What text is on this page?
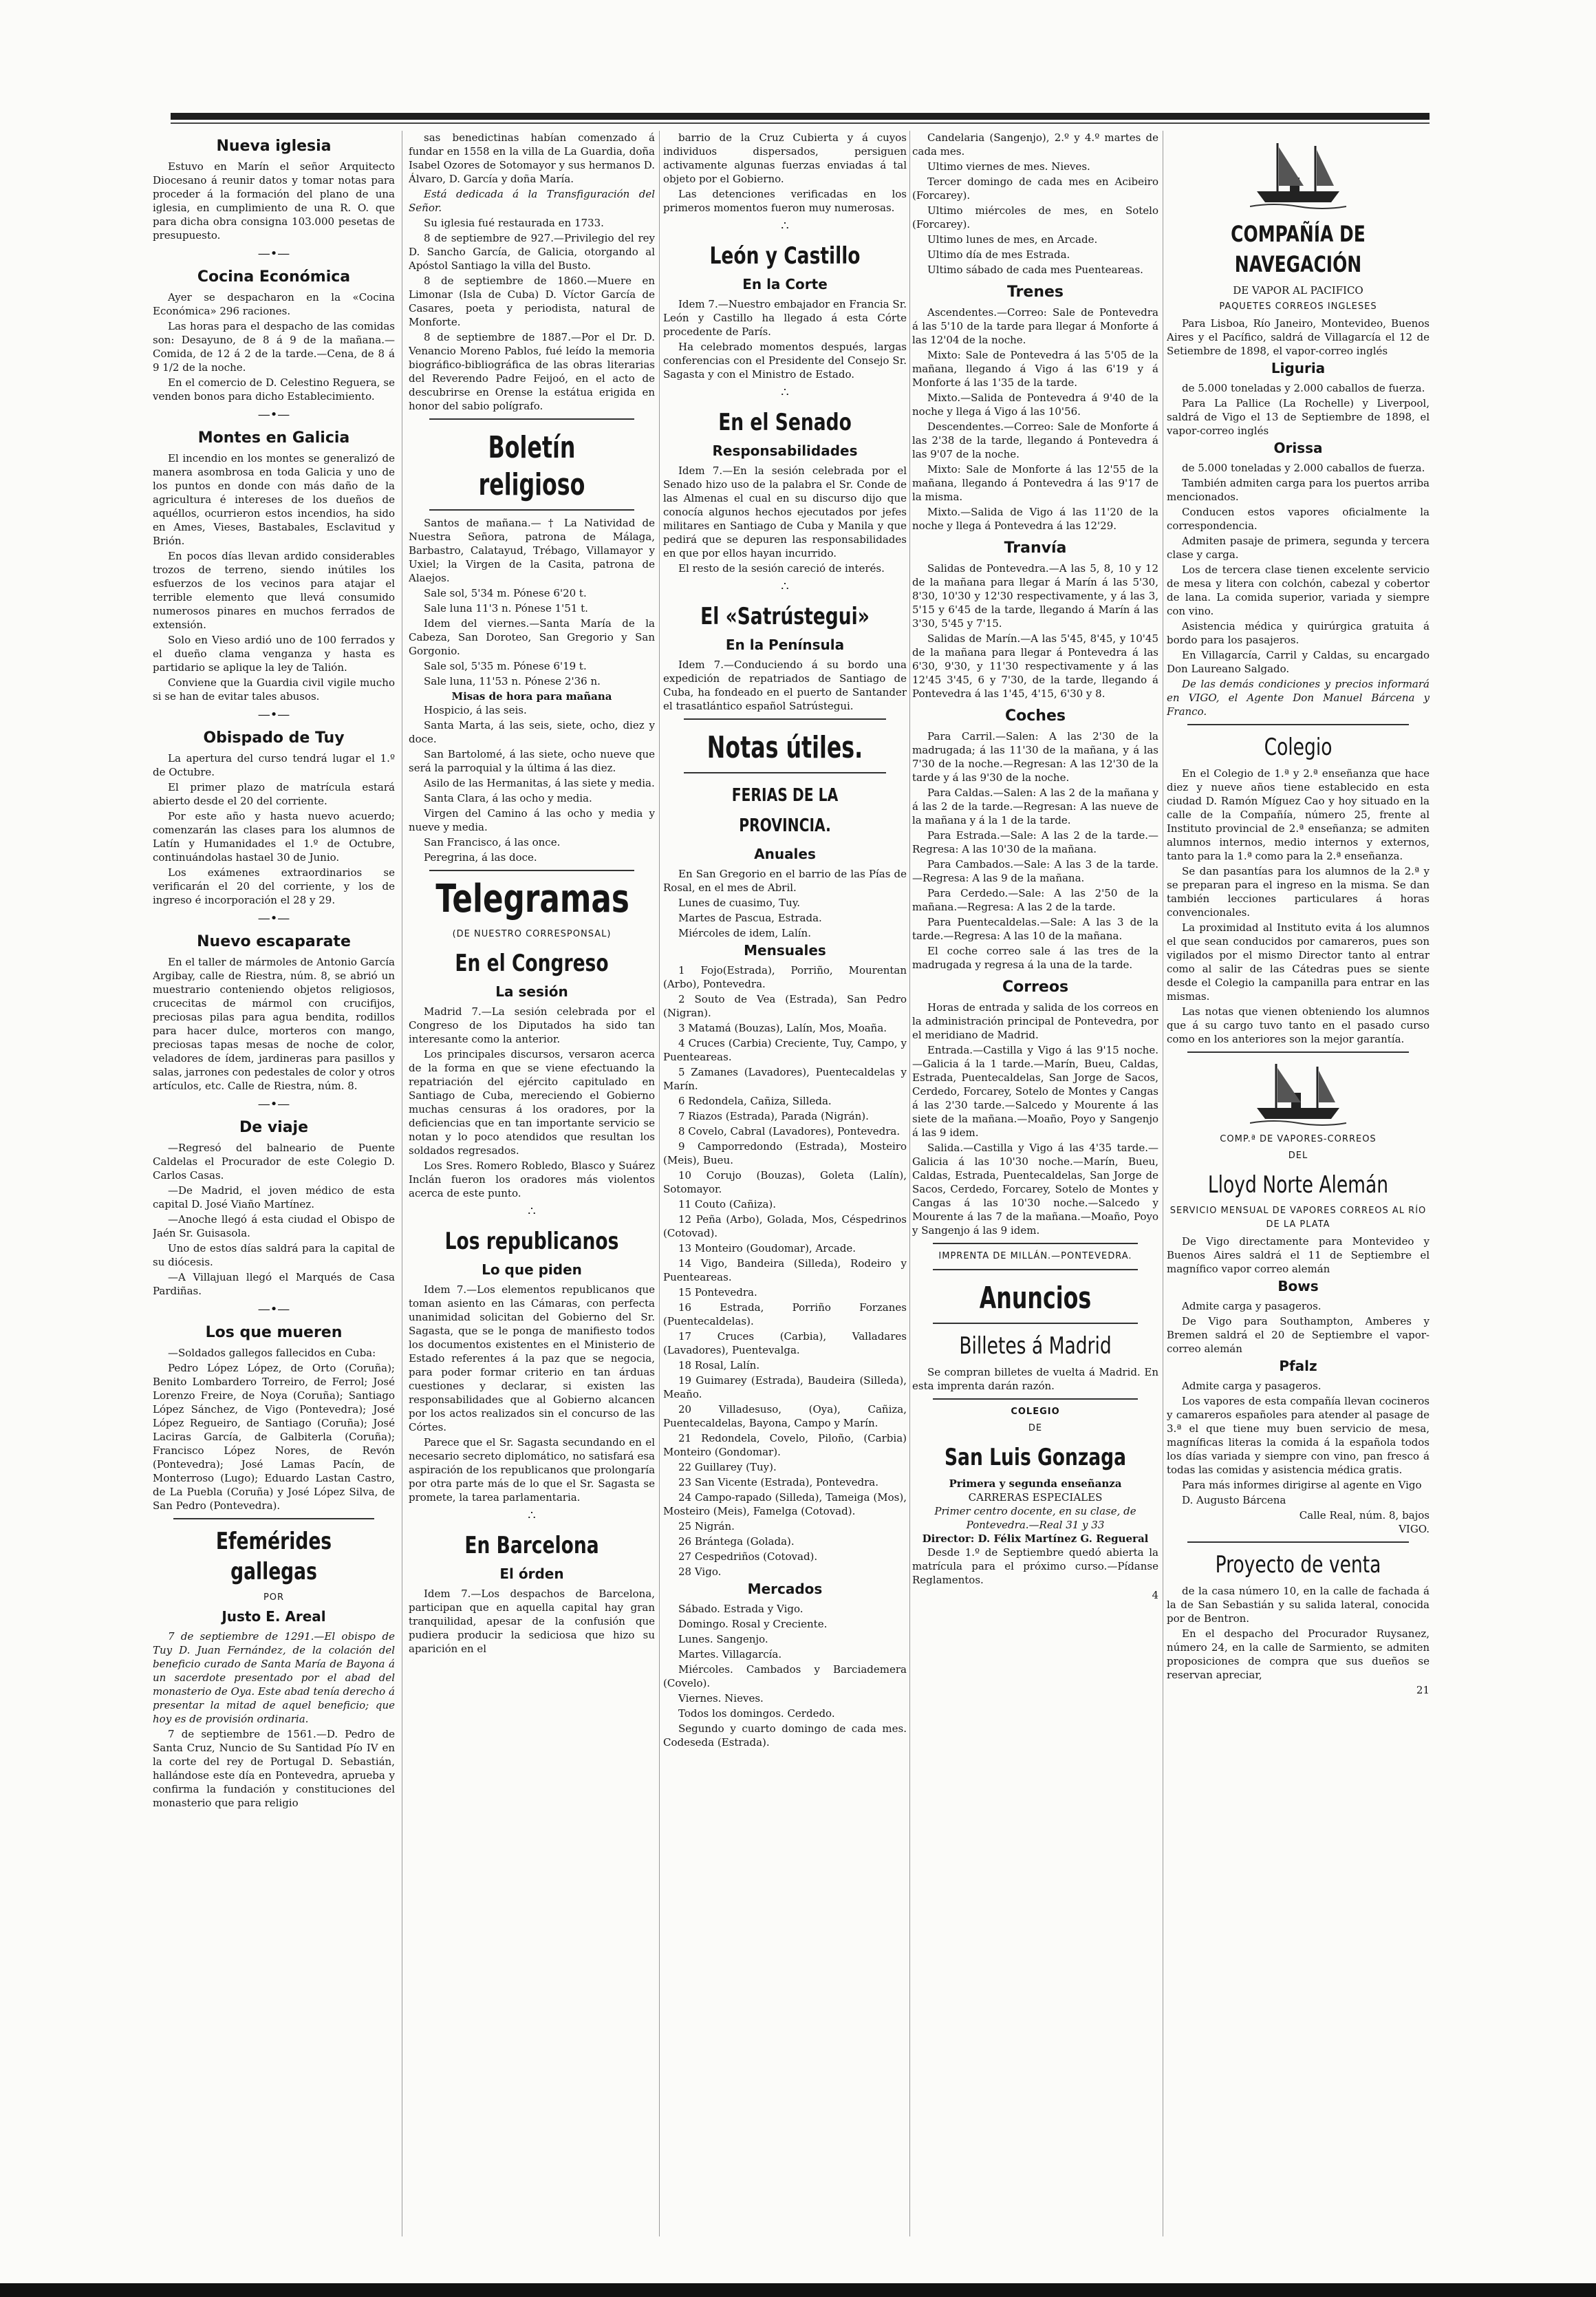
Nueva iglesia

Estuvo en Marín el señor Arquitecto Diocesano á reunir datos y tomar notas para proceder á la formación del plano de una iglesia, en cumplimiento de una R. O. que para dicha obra consigna 103.000 pesetas de presupuesto.

—•—
Cocina Económica

Ayer se despacharon en la «Cocina Económica» 296 raciones.

Las horas para el despacho de las comidas son: Desayuno, de 8 á 9 de la mañana.—Comida, de 12 á 2 de la tarde.—Cena, de 8 á 9 1/2 de la noche.

En el comercio de D. Celestino Reguera, se venden bonos para dicho Establecimiento.

—•—
Montes en Galicia

El incendio en los montes se generalizó de manera asombrosa en toda Galicia y uno de los puntos en donde con más daño de la agricultura é intereses de los dueños de aquéllos, ocurrieron estos incendios, ha sido en Ames, Vieses, Bastabales, Esclavitud y Brión.

En pocos días llevan ardido considerables trozos de terreno, siendo inútiles los esfuerzos de los vecinos para atajar el terrible elemento que llevá consumido numerosos pinares en muchos ferrados de extensión.

Solo en Vieso ardió uno de 100 ferrados y el dueño clama venganza y hasta es partidario se aplique la ley de Talión.

Conviene que la Guardia civil vigile mucho si se han de evitar tales abusos.

—•—
Obispado de Tuy

La apertura del curso tendrá lugar el 1.º de Octubre.

El primer plazo de matrícula estará abierto desde el 20 del corriente.

Por este año y hasta nuevo acuerdo; comenzarán las clases para los alumnos de Latín y Humanidades el 1.º de Octubre, continuándolas hastael 30 de Junio.

Los exámenes extraordinarios se verificarán el 20 del corriente, y los de ingreso é incorporación el 28 y 29.

—•—
Nuevo escaparate

En el taller de mármoles de Antonio García Argibay, calle de Riestra, núm. 8, se abrió un muestrario conteniendo objetos religiosos, crucecitas de mármol con crucifijos, preciosas pilas para agua bendita, rodillos para hacer dulce, morteros con mango, preciosas tapas mesas de noche de color, veladores de ídem, jardineras para pasillos y salas, jarrones con pedestales de color y otros artículos, etc. Calle de Riestra, núm. 8.

—•—
De viaje

—Regresó del balneario de Puente Caldelas el Procurador de este Colegio D. Carlos Casas.

—De Madrid, el joven médico de esta capital D. José Viaño Martínez.

—Anoche llegó á esta ciudad el Obispo de Jaén Sr. Guisasola.

Uno de estos días saldrá para la capital de su diócesis.

—A Villajuan llegó el Marqués de Casa Pardiñas.

—•—
Los que mueren

—Soldados gallegos fallecidos en Cuba:

Pedro López López, de Orto (Coruña); Benito Lombardero Torreiro, de Ferrol; José Lorenzo Freire, de Noya (Coruña); Santiago López Sánchez, de Vigo (Pontevedra); José López Regueiro, de Santiago (Coruña); José Laciras García, de Galbiterla (Coruña); Francisco López Nores, de Revón (Pontevedra); José Lamas Pacín, de Monterroso (Lugo); Eduardo Lastan Castro, de La Puebla (Coruña) y José López Silva, de San Pedro (Pontevedra).

Efemérides gallegas
POR
Justo E. Areal

7 de septiembre de 1291.—El obispo de Tuy D. Juan Fernández, de la colación del beneficio curado de Santa María de Bayona á un sacerdote presentado por el abad del monasterio de Oya. Este abad tenía derecho á presentar la mitad de aquel beneficio; que hoy es de provisión ordinaria.

7 de septiembre de 1561.—D. Pedro de Santa Cruz, Nuncio de Su Santidad Pío IV en la corte del rey de Portugal D. Sebastián, hallándose este día en Pontevedra, aprueba y confirma la fundación y constituciones del monasterio que para religio

sas benedictinas habían comenzado á fundar en 1558 en la villa de La Guardia, doña Isabel Ozores de Sotomayor y sus hermanos D. Álvaro, D. García y doña María.

Está dedicada á la Transfiguración del Señor.

Su iglesia fué restaurada en 1733.

8 de septiembre de 927.—Privilegio del rey D. Sancho García, de Galicia, otorgando al Apóstol Santiago la villa del Busto.

8 de septiembre de 1860.—Muere en Limonar (Isla de Cuba) D. Víctor García de Casares, poeta y periodista, natural de Monforte.

8 de septiembre de 1887.—Por el Dr. D. Venancio Moreno Pablos, fué leído la memoria biográfico-bibliográfica de las obras literarias del Reverendo Padre Feijoó, en el acto de descubrirse en Orense la estátua erigida en honor del sabio polígrafo.

Boletín religioso

Santos de mañana.— † La Natividad de Nuestra Señora, patrona de Málaga, Barbastro, Calatayud, Trébago, Villamayor y Uxiel; la Virgen de la Casita, patrona de Alaejos.

Sale sol, 5'34 m. Pónese 6'20 t.

Sale luna 11'3 n. Pónese 1'51 t.

Idem del viernes.—Santa María de la Cabeza, San Doroteo, San Gregorio y San Gorgonio.

Sale sol, 5'35 m. Pónese 6'19 t.

Sale luna, 11'53 n. Pónese 2'36 n.

Misas de hora para mañana

Hospicio, á las seis.

Santa Marta, á las seis, siete, ocho, diez y doce.

San Bartolomé, á las siete, ocho nueve que será la parroquial y la última á las diez.

Asilo de las Hermanitas, á las siete y media.

Santa Clara, á las ocho y media.

Virgen del Camino á las ocho y media y nueve y media.

San Francisco, á las once.

Peregrina, á las doce.

Telegramas
(DE NUESTRO CORRESPONSAL)
En el Congreso
La sesión

Madrid 7.—La sesión celebrada por el Congreso de los Diputados ha sido tan interesante como la anterior.

Los principales discursos, versaron acerca de la forma en que se viene efectuando la repatriación del ejército capitulado en Santiago de Cuba, mereciendo el Gobierno muchas censuras á los oradores, por la deficiencias que en tan importante servicio se notan y lo poco atendidos que resultan los soldados regresados.

Los Sres. Romero Robledo, Blasco y Suárez Inclán fueron los oradores más violentos acerca de este punto.

∴
Los republicanos
Lo que piden

Idem 7.—Los elementos republicanos que toman asiento en las Cámaras, con perfecta unanimidad solicitan del Gobierno del Sr. Sagasta, que se le ponga de manifiesto todos los documentos existentes en el Ministerio de Estado referentes á la paz que se negocia, para poder formar criterio en tan árduas cuestiones y declarar, si existen las responsabilidades que al Gobierno alcancen por los actos realizados sin el concurso de las Córtes.

Parece que el Sr. Sagasta secundando en el necesario secreto diplomático, no satisfará esa aspiración de los republicanos que prolongaría por otra parte más de lo que el Sr. Sagasta se promete, la tarea parlamentaria.

∴
En Barcelona
El órden

Idem 7.—Los despachos de Barcelona, participan que en aquella capital hay gran tranquilidad, apesar de la confusión que pudiera producir la sediciosa que hizo su aparición en el

barrio de la Cruz Cubierta y á cuyos individuos dispersados, persiguen activamente algunas fuerzas enviadas á tal objeto por el Gobierno.

Las detenciones verificadas en los primeros momentos fueron muy numerosas.

∴
León y Castillo
En la Corte

Idem 7.—Nuestro embajador en Francia Sr. León y Castillo ha llegado á esta Córte procedente de París.

Ha celebrado momentos después, largas conferencias con el Presidente del Consejo Sr. Sagasta y con el Ministro de Estado.

∴
En el Senado
Responsabilidades

Idem 7.—En la sesión celebrada por el Senado hizo uso de la palabra el Sr. Conde de las Almenas el cual en su discurso dijo que conocía algunos hechos ejecutados por jefes militares en Santiago de Cuba y Manila y que pedirá que se depuren las responsabilidades en que por ellos hayan incurrido.

El resto de la sesión careció de interés.

∴
El «Satrústegui»
En la Península

Idem 7.—Conduciendo á su bordo una expedición de repatriados de Santiago de Cuba, ha fondeado en el puerto de Santander el trasatlántico español Satrústegui.

Notas útiles.
FERIAS DE LA PROVINCIA.
Anuales

En San Gregorio en el barrio de las Pías de Rosal, en el mes de Abril.

Lunes de cuasimo, Tuy.

Martes de Pascua, Estrada.

Miércoles de idem, Lalín.

Mensuales

1 Fojo(Estrada), Porriño, Mourentan (Arbo), Pontevedra.

2 Souto de Vea (Estrada), San Pedro (Nigran).

3 Matamá (Bouzas), Lalín, Mos, Moaña.

4 Cruces (Carbia) Creciente, Tuy, Campo, y Puenteareas.

5 Zamanes (Lavadores), Puentecaldelas y Marín.

6 Redondela, Cañiza, Silleda.

7 Riazos (Estrada), Parada (Nigrán).

8 Covelo, Cabral (Lavadores), Pontevedra.

9 Camporredondo (Estrada), Mosteiro (Meis), Bueu.

10 Corujo (Bouzas), Goleta (Lalín), Sotomayor.

11 Couto (Cañiza).

12 Peña (Arbo), Golada, Mos, Céspedrinos (Cotovad).

13 Monteiro (Goudomar), Arcade.

14 Vigo, Bandeira (Silleda), Rodeiro y Puenteareas.

15 Pontevedra.

16 Estrada, Porriño Forzanes (Puentecaldelas).

17 Cruces (Carbia), Valladares (Lavadores), Puentevalga.

18 Rosal, Lalín.

19 Guimarey (Estrada), Baudeira (Silleda), Meaño.

20 Villadesuso, (Oya), Cañiza, Puentecaldelas, Bayona, Campo y Marín.

21 Redondela, Covelo, Piloño, (Carbia) Monteiro (Gondomar).

22 Guillarey (Tuy).

23 San Vicente (Estrada), Pontevedra.

24 Campo-rapado (Silleda), Tameiga (Mos), Mosteiro (Meis), Famelga (Cotovad).

25 Nigrán.

26 Brántega (Golada).

27 Cespedriños (Cotovad).

28 Vigo.

Mercados

Sábado. Estrada y Vigo.

Domingo. Rosal y Creciente.

Lunes. Sangenjo.

Martes. Villagarcía.

Miércoles. Cambados y Barciademera (Covelo).

Viernes. Nieves.

Todos los domingos. Cerdedo.

Segundo y cuarto domingo de cada mes. Codeseda (Estrada).

Candelaria (Sangenjo), 2.º y 4.º martes de cada mes.

Ultimo viernes de mes. Nieves.

Tercer domingo de cada mes en Acibeiro (Forcarey).

Ultimo miércoles de mes, en Sotelo (Forcarey).

Ultimo lunes de mes, en Arcade.

Ultimo día de mes Estrada.

Ultimo sábado de cada mes Puenteareas.

Trenes

Ascendentes.—Correo: Sale de Pontevedra á las 5'10 de la tarde para llegar á Monforte á las 12'04 de la noche.

Mixto: Sale de Pontevedra á las 5'05 de la mañana, llegando á Vigo á las 6'19 y á Monforte á las 1'35 de la tarde.

Mixto.—Salida de Pontevedra á 9'40 de la noche y llega á Vigo á las 10'56.

Descendentes.—Correo: Sale de Monforte á las 2'38 de la tarde, llegando á Pontevedra á las 9'07 de la noche.

Mixto: Sale de Monforte á las 12'55 de la mañana, llegando á Pontevedra á las 9'17 de la misma.

Mixto.—Salida de Vigo á las 11'20 de la noche y llega á Pontevedra á las 12'29.

Tranvía

Salidas de Pontevedra.—A las 5, 8, 10 y 12 de la mañana para llegar á Marín á las 5'30, 8'30, 10'30 y 12'30 respectivamente, y á las 3, 5'15 y 6'45 de la tarde, llegando á Marín á las 3'30, 5'45 y 7'15.

Salidas de Marín.—A las 5'45, 8'45, y 10'45 de la mañana para llegar á Pontevedra á las 6'30, 9'30, y 11'30 respectivamente y á las 12'45 3'45, 6 y 7'30, de la tarde, llegando á Pontevedra á las 1'45, 4'15, 6'30 y 8.

Coches

Para Carril.—Salen: A las 2'30 de la madrugada; á las 11'30 de la mañana, y á las 7'30 de la noche.—Regresan: A las 12'30 de la tarde y á las 9'30 de la noche.

Para Caldas.—Salen: A las 2 de la mañana y á las 2 de la tarde.—Regresan: A las nueve de la mañana y á la 1 de la tarde.

Para Estrada.—Sale: A las 2 de la tarde.—Regresa: A las 10'30 de la mañana.

Para Cambados.—Sale: A las 3 de la tarde.—Regresa: A las 9 de la mañana.

Para Cerdedo.—Sale: A las 2'50 de la mañana.—Regresa: A las 2 de la tarde.

Para Puentecaldelas.—Sale: A las 3 de la tarde.—Regresa: A las 10 de la mañana.

El coche correo sale á las tres de la madrugada y regresa á la una de la tarde.

Correos

Horas de entrada y salida de los correos en la administración principal de Pontevedra, por el meridiano de Madrid.

Entrada.—Castilla y Vigo á las 9'15 noche.—Galicia á la 1 tarde.—Marín, Bueu, Caldas, Estrada, Puentecaldelas, San Jorge de Sacos, Cerdedo, Forcarey, Sotelo de Montes y Cangas á las 2'30 tarde.—Salcedo y Mourente á las siete de la mañana.—Moaño, Poyo y Sangenjo á las 9 idem.

Salida.—Castilla y Vigo á las 4'35 tarde.—Galicia á las 10'30 noche.—Marín, Bueu, Caldas, Estrada, Puentecaldelas, San Jorge de Sacos, Cerdedo, Forcarey, Sotelo de Montes y Cangas á las 10'30 noche.—Salcedo y Mourente á las 7 de la mañana.—Moaño, Poyo y Sangenjo á las 9 idem.

IMPRENTA DE MILLÁN.—PONTEVEDRA.
Anuncios
Billetes á Madrid

Se compran billetes de vuelta á Madrid. En esta imprenta darán razón.

COLEGIO
DE
San Luis Gonzaga
Primera y segunda enseñanza
CARRERAS ESPECIALES
Primer centro docente, en su clase, de Pontevedra.—Real 31 y 33
Director: D. Félix Martínez G. Regueral

Desde 1.º de Septiembre quedó abierta la matrícula para el próximo curso.—Pídanse Reglamentos.

4
COMPAÑÍA DE NAVEGACIÓN
DE VAPOR AL PACIFICO
PAQUETES CORREOS INGLESES

Para Lisboa, Río Janeiro, Montevideo, Buenos Aires y el Pacífico, saldrá de Villagarcía el 12 de Setiembre de 1898, el vapor-correo inglés

Liguria

de 5.000 toneladas y 2.000 caballos de fuerza.

Para La Pallice (La Rochelle) y Liverpool, saldrá de Vigo el 13 de Septiembre de 1898, el vapor-correo inglés

Orissa

de 5.000 toneladas y 2.000 caballos de fuerza.

También admiten carga para los puertos arriba mencionados.

Conducen estos vapores oficialmente la correspondencia.

Admiten pasaje de primera, segunda y tercera clase y carga.

Los de tercera clase tienen excelente servicio de mesa y litera con colchón, cabezal y cobertor de lana. La comida superior, variada y siempre con vino.

Asistencia médica y quirúrgica gratuita á bordo para los pasajeros.

En Villagarcía, Carril y Caldas, su encargado Don Laureano Salgado.

De las demás condiciones y precios informará en VIGO, el Agente Don Manuel Bárcena y Franco.

Colegio

En el Colegio de 1.ª y 2.ª enseñanza que hace diez y nueve años tiene establecido en esta ciudad D. Ramón Míguez Cao y hoy situado en la calle de la Compañía, número 25, frente al Instituto provincial de 2.ª enseñanza; se admiten alumnos internos, medio internos y externos, tanto para la 1.ª como para la 2.ª enseñanza.

Se dan pasantías para los alumnos de la 2.ª y se preparan para el ingreso en la misma. Se dan también lecciones particulares á horas convencionales.

La proximidad al Instituto evita á los alumnos el que sean conducidos por camareros, pues son vigilados por el mismo Director tanto al entrar como al salir de las Cátedras pues se siente desde el Colegio la campanilla para entrar en las mismas.

Las notas que vienen obteniendo los alumnos que á su cargo tuvo tanto en el pasado curso como en los anteriores son la mejor garantía.

COMP.ª DE VAPORES-CORREOS
DEL
Lloyd Norte Alemán
SERVICIO MENSUAL DE VAPORES CORREOS AL RÍO DE LA PLATA

De Vigo directamente para Montevideo y Buenos Aires saldrá el 11 de Septiembre el magnífico vapor correo alemán

Bows

Admite carga y pasageros.

De Vigo para Southampton, Amberes y Bremen saldrá el 20 de Septiembre el vapor-correo alemán

Pfalz

Admite carga y pasageros.

Los vapores de esta compañía llevan cocineros y camareros españoles para atender al pasage de 3.ª el que tiene muy buen servicio de mesa, magníficas literas la comida á la española todos los días variada y siempre con vino, pan fresco á todas las comidas y asistencia médica gratis.

Para más informes dirigirse al agente en Vigo

D. Augusto Bárcena

Calle Real, núm. 8, bajos
VIGO.
Proyecto de venta

de la casa número 10, en la calle de fachada á la de San Sebastián y su salida lateral, conocida por de Bentron.

En el despacho del Procurador Ruysanez, número 24, en la calle de Sarmiento, se admiten proposiciones de compra que sus dueños se reservan apreciar,

21
